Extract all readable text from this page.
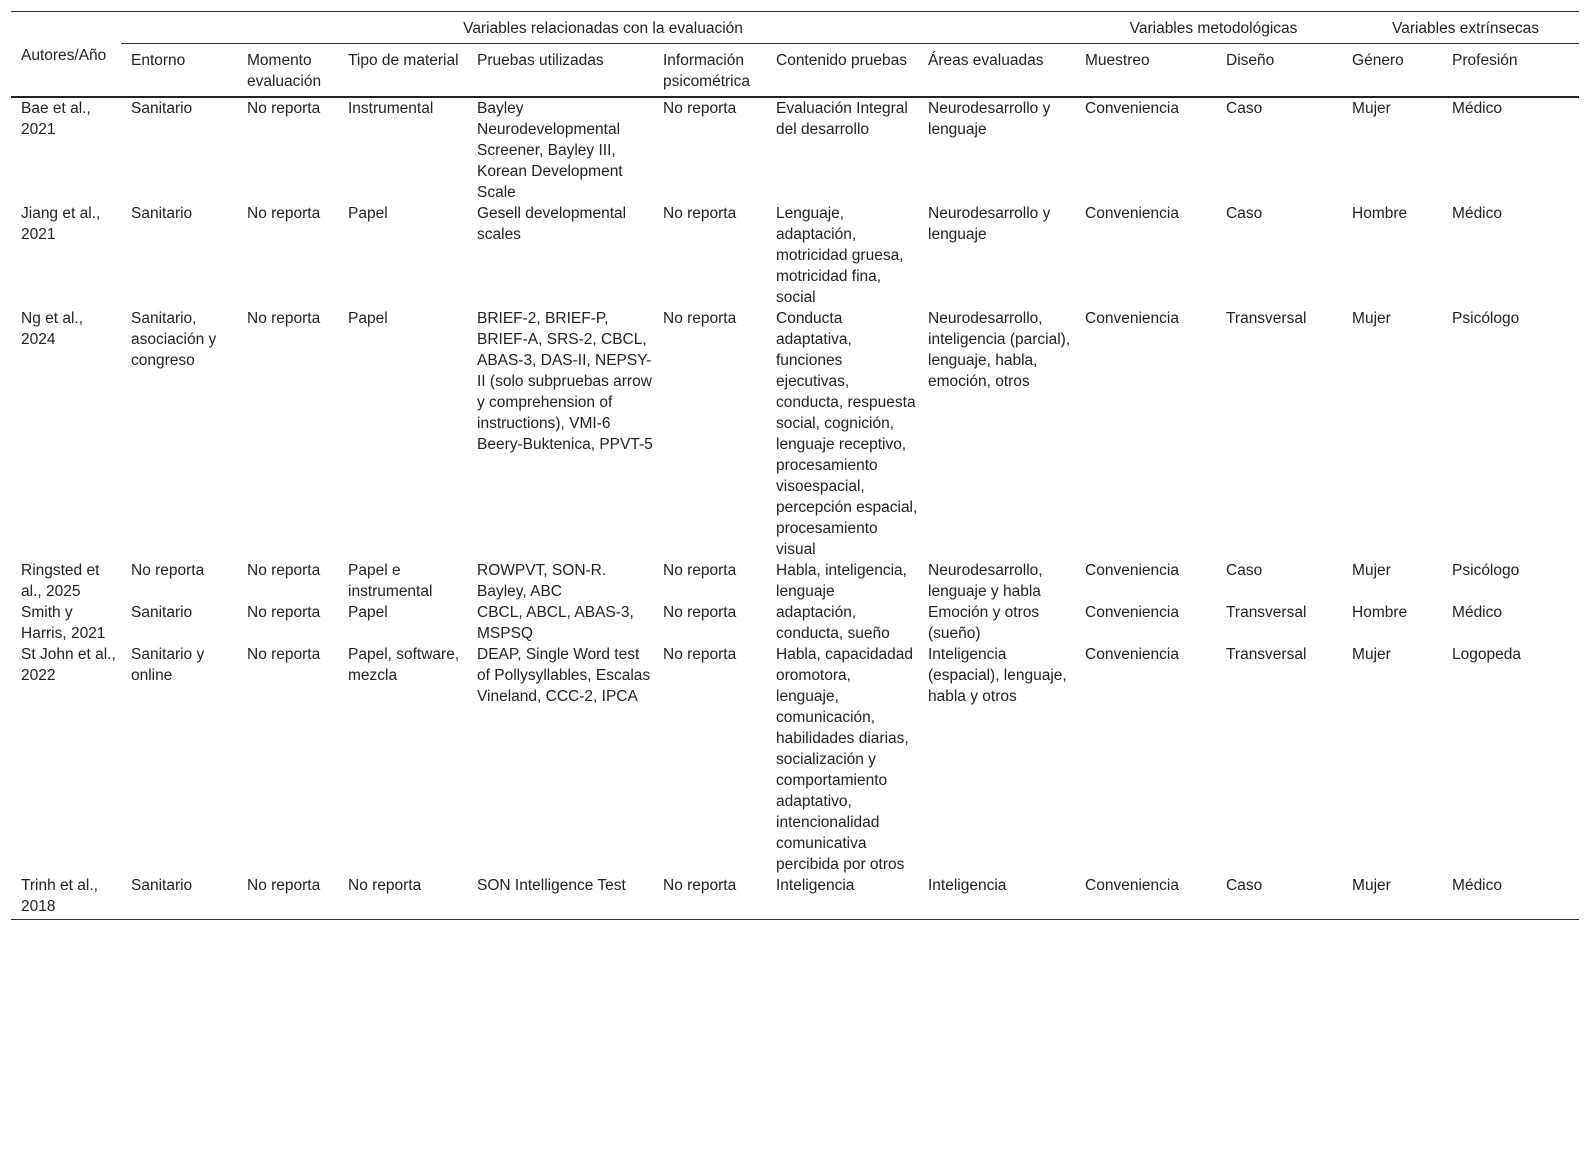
Autores/Año	Variables relacionadas con la evaluación							Variables metodológicas		Variables extrínsecas	
	Entorno	Momento evaluación	Tipo de material	Pruebas utilizadas	Información psicométrica	Contenido pruebas	Áreas evaluadas	Muestreo	Diseño	Género	Profesión
Bae et al., 2021	Sanitario	No reporta	Instrumental	Bayley Neurodevelopmental Screener, Bayley III, Korean Development Scale	No reporta	Evaluación Integral del desarrollo	Neurodesarrollo y lenguaje	Conveniencia	Caso	Mujer	Médico
Jiang et al., 2021	Sanitario	No reporta	Papel	Gesell developmental scales	No reporta	Lenguaje, adaptación, motricidad gruesa, motricidad fina, social	Neurodesarrollo y lenguaje	Conveniencia	Caso	Hombre	Médico
Ng et al., 2024	Sanitario, asociación y congreso	No reporta	Papel	BRIEF-2, BRIEF-P, BRIEF-A, SRS-2, CBCL, ABAS-3, DAS-II, NEPSY-II (solo subpruebas arrow y comprehension of instructions), VMI-6 Beery-Buktenica, PPVT-5	No reporta	Conducta adaptativa, funciones ejecutivas, conducta, respuesta social, cognición, lenguaje receptivo, procesamiento visoespacial, percepción espacial, procesamiento visual	Neurodesarrollo, inteligencia (parcial), lenguaje, habla, emoción, otros	Conveniencia	Transversal	Mujer	Psicólogo
Ringsted et al., 2025	No reporta	No reporta	Papel e instrumental	ROWPVT, SON-R. Bayley, ABC	No reporta	Habla, inteligencia, lenguaje	Neurodesarrollo, lenguaje y habla	Conveniencia	Caso	Mujer	Psicólogo
Smith y Harris, 2021	Sanitario	No reporta	Papel	CBCL, ABCL, ABAS-3, MSPSQ	No reporta	adaptación, conducta, sueño	Emoción y otros (sueño)	Conveniencia	Transversal	Hombre	Médico
St John et al., 2022	Sanitario y online	No reporta	Papel, software, mezcla	DEAP, Single Word test of Pollysyllables, Escalas Vineland, CCC-2, IPCA	No reporta	Habla, capacidadad oromotora, lenguaje, comunicación, habilidades diarias, socialización y comportamiento adaptativo, intencionalidad comunicativa percibida por otros	Inteligencia (espacial), lenguaje, habla y otros	Conveniencia	Transversal	Mujer	Logopeda
Trinh et al., 2018	Sanitario	No reporta	No reporta	SON Intelligence Test	No reporta	Inteligencia	Inteligencia	Conveniencia	Caso	Mujer	Médico
